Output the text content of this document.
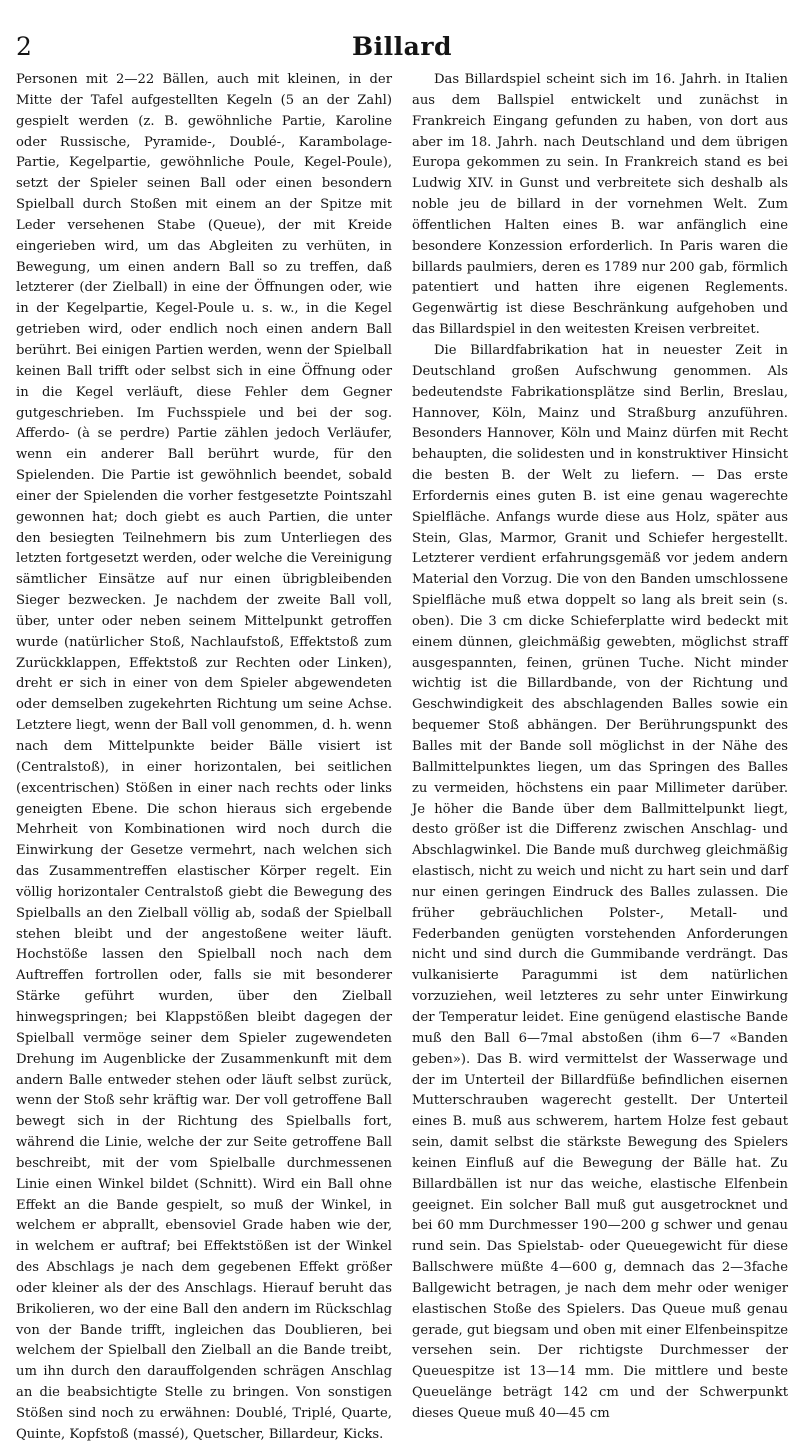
2	Billard

Personen mit 2—22 Bällen, auch mit kleinen, in der Mitte der Tafel aufgestellten Kegeln (5 an der Zahl) gespielt werden (z. B. gewöhnliche Partie, Karoline oder Russische, Pyramide-, Doublé-, Karambolage-Partie, Kegelpartie, gewöhnliche Poule, Kegel-Poule), setzt der Spieler seinen Ball oder einen besondern Spielball durch Stoßen mit einem an der Spitze mit Leder versehenen Stabe (Queue), der mit Kreide eingerieben wird, um das Abgleiten zu verhüten, in Bewegung, um einen andern Ball so zu treffen, daß letzterer (der Zielball) in eine der Öffnungen oder, wie in der Kegelpartie, Kegel-Poule u. s. w., in die Kegel getrieben wird, oder endlich noch einen andern Ball berührt. Bei einigen Partien werden, wenn der Spielball keinen Ball trifft oder selbst sich in eine Öffnung oder in die Kegel verläuft, diese Fehler dem Gegner gutgeschrieben. Im Fuchsspiele und bei der sog. Afferdo- (à se perdre) Partie zählen jedoch Verläufer, wenn ein anderer Ball berührt wurde, für den Spielenden. Die Partie ist gewöhnlich beendet, sobald einer der Spielenden die vorher festgesetzte Pointszahl gewonnen hat; doch giebt es auch Partien, die unter den besiegten Teilnehmern bis zum Unterliegen des letzten fortgesetzt werden, oder welche die Vereinigung sämtlicher Einsätze auf nur einen übrigbleibenden Sieger bezwecken. Je nachdem der zweite Ball voll, über, unter oder neben seinem Mittelpunkt getroffen wurde (natürlicher Stoß, Nachlaufstoß, Effektstoß zum Zurückklappen, Effektstoß zur Rechten oder Linken), dreht er sich in einer von dem Spieler abgewendeten oder demselben zugekehrten Richtung um seine Achse. Letztere liegt, wenn der Ball voll genommen, d. h. wenn nach dem Mittelpunkte beider Bälle visiert ist (Centralstoß), in einer horizontalen, bei seitlichen (excentrischen) Stößen in einer nach rechts oder links geneigten Ebene. Die schon hieraus sich ergebende Mehrheit von Kombinationen wird noch durch die Einwirkung der Gesetze vermehrt, nach welchen sich das Zusammentreffen elastischer Körper regelt. Ein völlig horizontaler Centralstoß giebt die Bewegung des Spielballs an den Zielball völlig ab, sodaß der Spielball stehen bleibt und der angestoßene weiter läuft. Hochstöße lassen den Spielball noch nach dem Auftreffen fortrollen oder, falls sie mit besonderer Stärke geführt wurden, über den Zielball hinwegspringen; bei Klappstößen bleibt dagegen der Spielball vermöge seiner dem Spieler zugewendeten Drehung im Augenblicke der Zusammenkunft mit dem andern Balle entweder stehen oder läuft selbst zurück, wenn der Stoß sehr kräftig war. Der voll getroffene Ball bewegt sich in der Richtung des Spielballs fort, während die Linie, welche der zur Seite getroffene Ball beschreibt, mit der vom Spielballe durchmessenen Linie einen Winkel bildet (Schnitt). Wird ein Ball ohne Effekt an die Bande gespielt, so muß der Winkel, in welchem er abprallt, ebensoviel Grade haben wie der, in welchem er auftraf; bei Effektstößen ist der Winkel des Abschlags je nach dem gegebenen Effekt größer oder kleiner als der des Anschlags. Hierauf beruht das Brikolieren, wo der eine Ball den andern im Rückschlag von der Bande trifft, ingleichen das Doublieren, bei welchem der Spielball den Zielball an die Bande treibt, um ihn durch den darauffolgenden schrägen Anschlag an die beabsichtigte Stelle zu bringen. Von sonstigen Stößen sind noch zu erwähnen: Doublé, Triplé, Quarte, Quinte, Kopfstoß (massé), Quetscher, Billardeur, Kicks.

Das Billardspiel scheint sich im 16. Jahrh. in Italien aus dem Ballspiel entwickelt und zunächst in Frankreich Eingang gefunden zu haben, von dort aus aber im 18. Jahrh. nach Deutschland und dem übrigen Europa gekommen zu sein. In Frankreich stand es bei Ludwig XIV. in Gunst und verbreitete sich deshalb als noble jeu de billard in der vornehmen Welt. Zum öffentlichen Halten eines B. war anfänglich eine besondere Konzession erforderlich. In Paris waren die billards paulmiers, deren es 1789 nur 200 gab, förmlich patentiert und hatten ihre eigenen Reglements. Gegenwärtig ist diese Beschränkung aufgehoben und das Billardspiel in den weitesten Kreisen verbreitet.

Die Billardfabrikation hat in neuester Zeit in Deutschland großen Aufschwung genommen. Als bedeutendste Fabrikationsplätze sind Berlin, Breslau, Hannover, Köln, Mainz und Straßburg anzuführen. Besonders Hannover, Köln und Mainz dürfen mit Recht behaupten, die solidesten und in konstruktiver Hinsicht die besten B. der Welt zu liefern. — Das erste Erfordernis eines guten B. ist eine genau wagerechte Spielfläche. Anfangs wurde diese aus Holz, später aus Stein, Glas, Marmor, Granit und Schiefer hergestellt. Letzterer verdient erfahrungsgemäß vor jedem andern Material den Vorzug. Die von den Banden umschlossene Spielfläche muß etwa doppelt so lang als breit sein (s. oben). Die 3 cm dicke Schieferplatte wird bedeckt mit einem dünnen, gleichmäßig gewebten, möglichst straff ausgespannten, feinen, grünen Tuche. Nicht minder wichtig ist die Billardbande, von der Richtung und Geschwindigkeit des abschlagenden Balles sowie ein bequemer Stoß abhängen. Der Berührungspunkt des Balles mit der Bande soll möglichst in der Nähe des Ballmittelpunktes liegen, um das Springen des Balles zu vermeiden, höchstens ein paar Millimeter darüber. Je höher die Bande über dem Ballmittelpunkt liegt, desto größer ist die Differenz zwischen Anschlag- und Abschlagwinkel. Die Bande muß durchweg gleichmäßig elastisch, nicht zu weich und nicht zu hart sein und darf nur einen geringen Eindruck des Balles zulassen. Die früher gebräuchlichen Polster-, Metall- und Federbanden genügten vorstehenden Anforderungen nicht und sind durch die Gummibande verdrängt. Das vulkanisierte Paragummi ist dem natürlichen vorzuziehen, weil letzteres zu sehr unter Einwirkung der Temperatur leidet. Eine genügend elastische Bande muß den Ball 6—7mal abstoßen (ihm 6—7 «Banden geben»). Das B. wird vermittelst der Wasserwage und der im Unterteil der Billardfüße befindlichen eisernen Mutterschrauben wagerecht gestellt. Der Unterteil eines B. muß aus schwerem, hartem Holze fest gebaut sein, damit selbst die stärkste Bewegung des Spielers keinen Einfluß auf die Bewegung der Bälle hat. Zu Billardbällen ist nur das weiche, elastische Elfenbein geeignet. Ein solcher Ball muß gut ausgetrocknet und bei 60 mm Durchmesser 190—200 g schwer und genau rund sein. Das Spielstab- oder Queuegewicht für diese Ballschwere müßte 4—600 g, demnach das 2—3fache Ballgewicht betragen, je nach dem mehr oder weniger elastischen Stoße des Spielers. Das Queue muß genau gerade, gut biegsam und oben mit einer Elfenbeinspitze versehen sein. Der richtigste Durchmesser der Queuespitze ist 13—14 mm. Die mittlere und beste Queuelänge beträgt 142 cm und der Schwerpunkt dieses Queue muß 40—45 cm
